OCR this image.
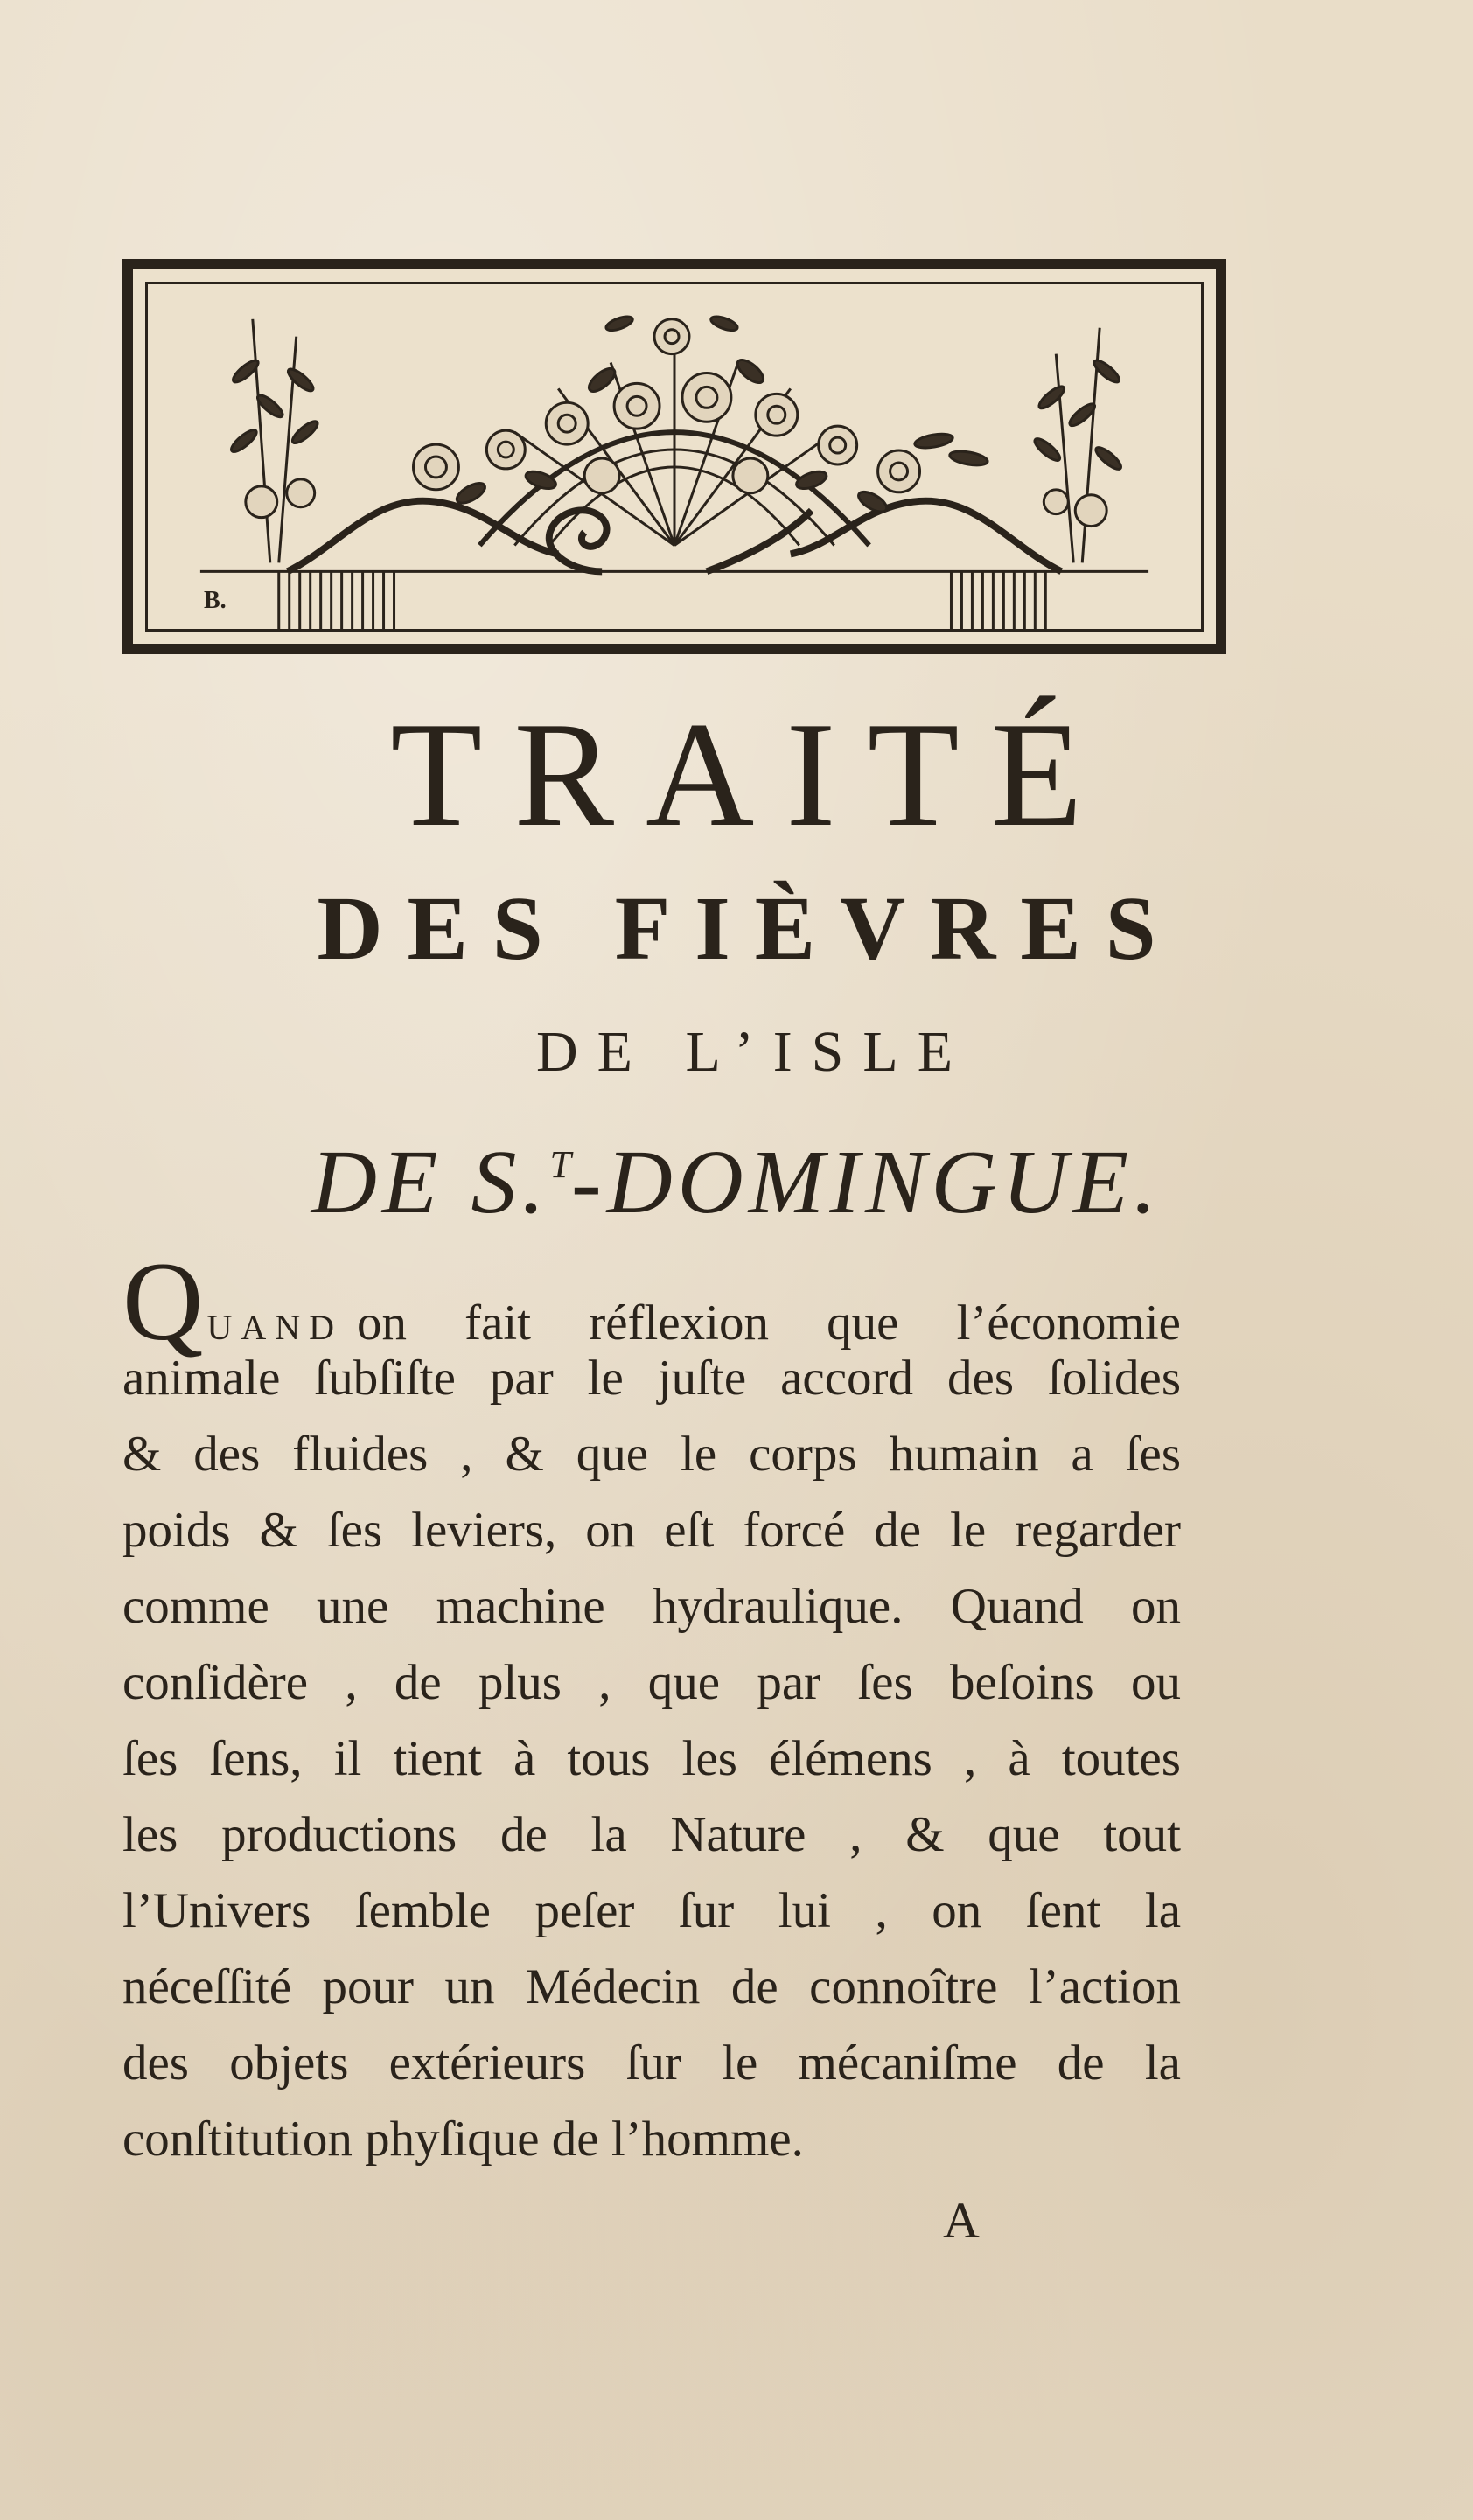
B.
TRAITÉ
DES FIÈVRES
DE L’ISLE
DE S.$^T$-DOMINGUE.
Q UAND on fait réflexion que l’économie
animale ſubſiſte par le juſte accord des ſolides
& des fluides , & que le corps humain a ſes
poids & ſes leviers, on eſt forcé de le regarder
comme une machine hydraulique. Quand on
conſidère , de plus , que par ſes beſoins ou
ſes ſens, il tient à tous les élémens , à toutes
les productions de la Nature , & que tout
l’Univers ſemble peſer ſur lui , on ſent la
néceſſité pour un Médecin de connoître l’action
des objets extérieurs ſur le mécaniſme de la
conſtitution phyſique de l’homme.
A
